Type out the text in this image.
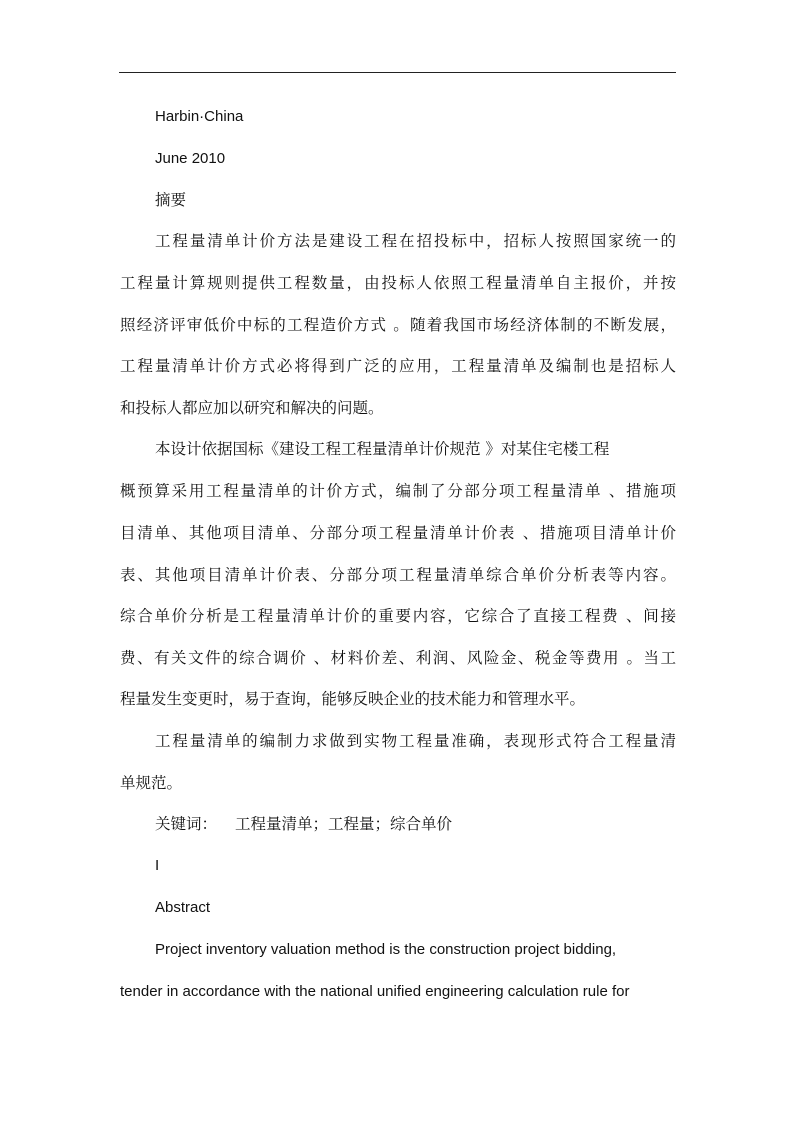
Harbin·China
June 2010
摘要
工程量清单计价方法是建设工程在招投标中，招标人按照国家统一的
工程量计算规则提供工程数量，由投标人依照工程量清单自主报价，并按
照经济评审低价中标的工程造价方式 。随着我国市场经济体制的不断发展，
工程量清单计价方式必将得到广泛的应用，工程量清单及编制也是招标人
和投标人都应加以研究和解决的问题。
本设计依据国标《建设工程工程量清单计价规范 》对某住宅楼工程
概预算采用工程量清单的计价方式，编制了分部分项工程量清单 、措施项
目清单、其他项目清单、分部分项工程量清单计价表 、措施项目清单计价
表、其他项目清单计价表、分部分项工程量清单综合单价分析表等内容。
综合单价分析是工程量清单计价的重要内容，它综合了直接工程费 、间接
费、有关文件的综合调价 、材料价差、利润、风险金、税金等费用 。当工
程量发生变更时，易于查询，能够反映企业的技术能力和管理水平。
工程量清单的编制力求做到实物工程量准确，表现形式符合工程量清
单规范。
关键词： 工程量清单；工程量；综合单价
I
Abstract
Project inventory valuation method is the construction project bidding,
tender in accordance with the national unified engineering calculation rule for
